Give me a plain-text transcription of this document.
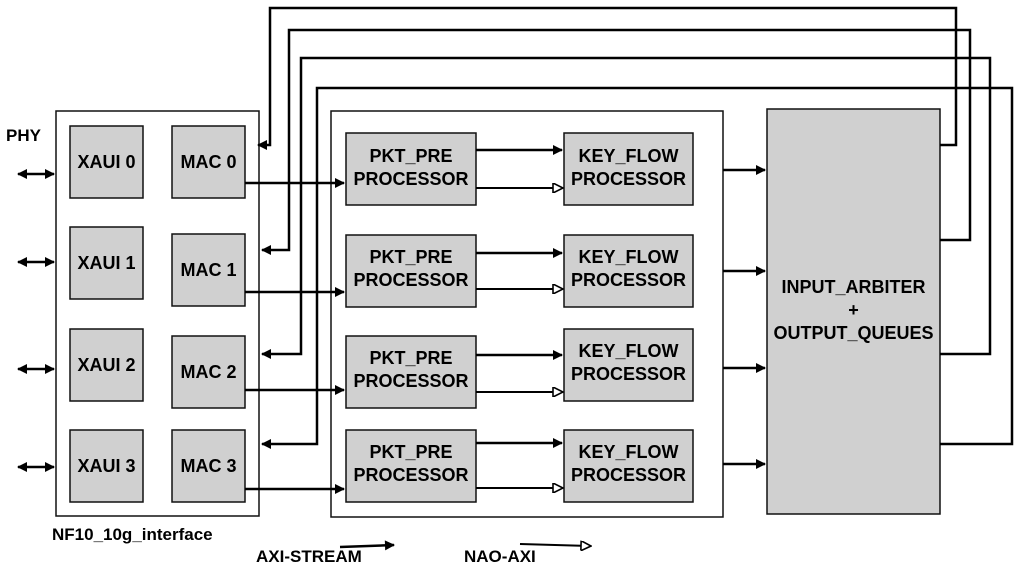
PHY
NF10_10g_interface
XAUI 0
XAUI 1
XAUI 2
XAUI 3
MAC 0
MAC 1
MAC 2
MAC 3
PKT_PRE
PROCESSOR
PKT_PRE
PROCESSOR
PKT_PRE
PROCESSOR
PKT_PRE
PROCESSOR
KEY_FLOW
PROCESSOR
KEY_FLOW
PROCESSOR
KEY_FLOW
PROCESSOR
KEY_FLOW
PROCESSOR
INPUT_ARBITER
+
OUTPUT_QUEUES
AXI-STREAM	NAO-AXI
